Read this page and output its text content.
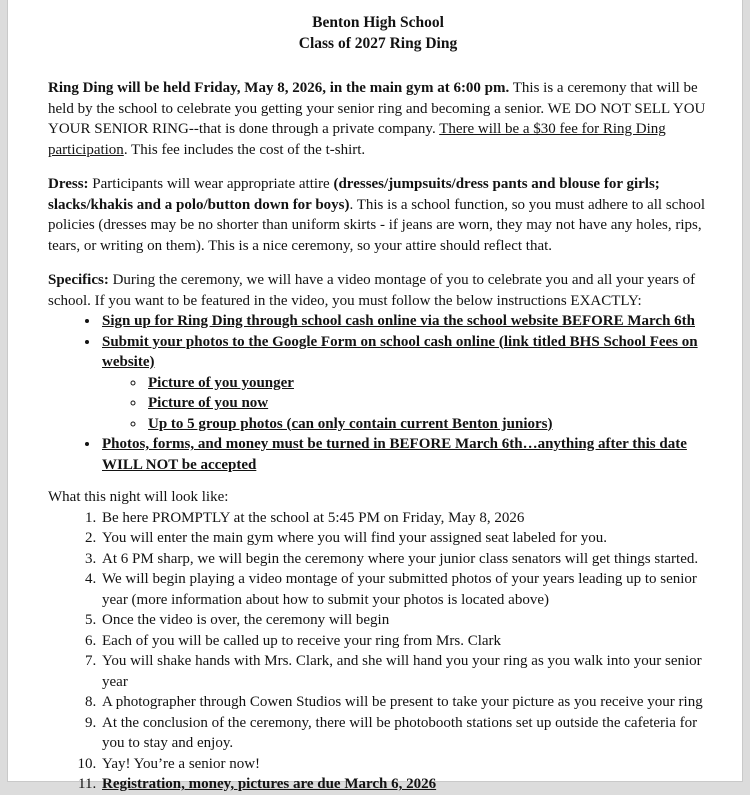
Benton High School
Class of 2027 Ring Ding

Ring Ding will be held Friday, May 8, 2026, in the main gym at 6:00 pm. This is a ceremony that will be held by the school to celebrate you getting your senior ring and becoming a senior. WE DO NOT SELL YOU YOUR SENIOR RING--that is done through a private company. There will be a $30 fee for Ring Ding participation. This fee includes the cost of the t-shirt.

Dress: Participants will wear appropriate attire (dresses/jumpsuits/dress pants and blouse for girls; slacks/khakis and a polo/button down for boys). This is a school function, so you must adhere to all school policies (dresses may be no shorter than uniform skirts - if jeans are worn, they may not have any holes, rips, tears, or writing on them). This is a nice ceremony, so your attire should reflect that.

Specifics: During the ceremony, we will have a video montage of you to celebrate you and all your years of school. If you want to be featured in the video, you must follow the below instructions EXACTLY:

• Sign up for Ring Ding through school cash online via the school website BEFORE March 6th
• Submit your photos to the Google Form on school cash online (link titled BHS School Fees on website)
◦ Picture of you younger
◦ Picture of you now
◦ Up to 5 group photos (can only contain current Benton juniors)
• Photos, forms, and money must be turned in BEFORE March 6th…anything after this date WILL NOT be accepted

What this night will look like:

1. Be here PROMPTLY at the school at 5:45 PM on Friday, May 8, 2026
2. You will enter the main gym where you will find your assigned seat labeled for you.
3. At 6 PM sharp, we will begin the ceremony where your junior class senators will get things started.
4. We will begin playing a video montage of your submitted photos of your years leading up to senior year (more information about how to submit your photos is located above)
5. Once the video is over, the ceremony will begin
6. Each of you will be called up to receive your ring from Mrs. Clark
7. You will shake hands with Mrs. Clark, and she will hand you your ring as you walk into your senior year
8. A photographer through Cowen Studios will be present to take your picture as you receive your ring
9. At the conclusion of the ceremony, there will be photobooth stations set up outside the cafeteria for you to stay and enjoy.
10. Yay! You’re a senior now!
11. Registration, money, pictures are due March 6, 2026
